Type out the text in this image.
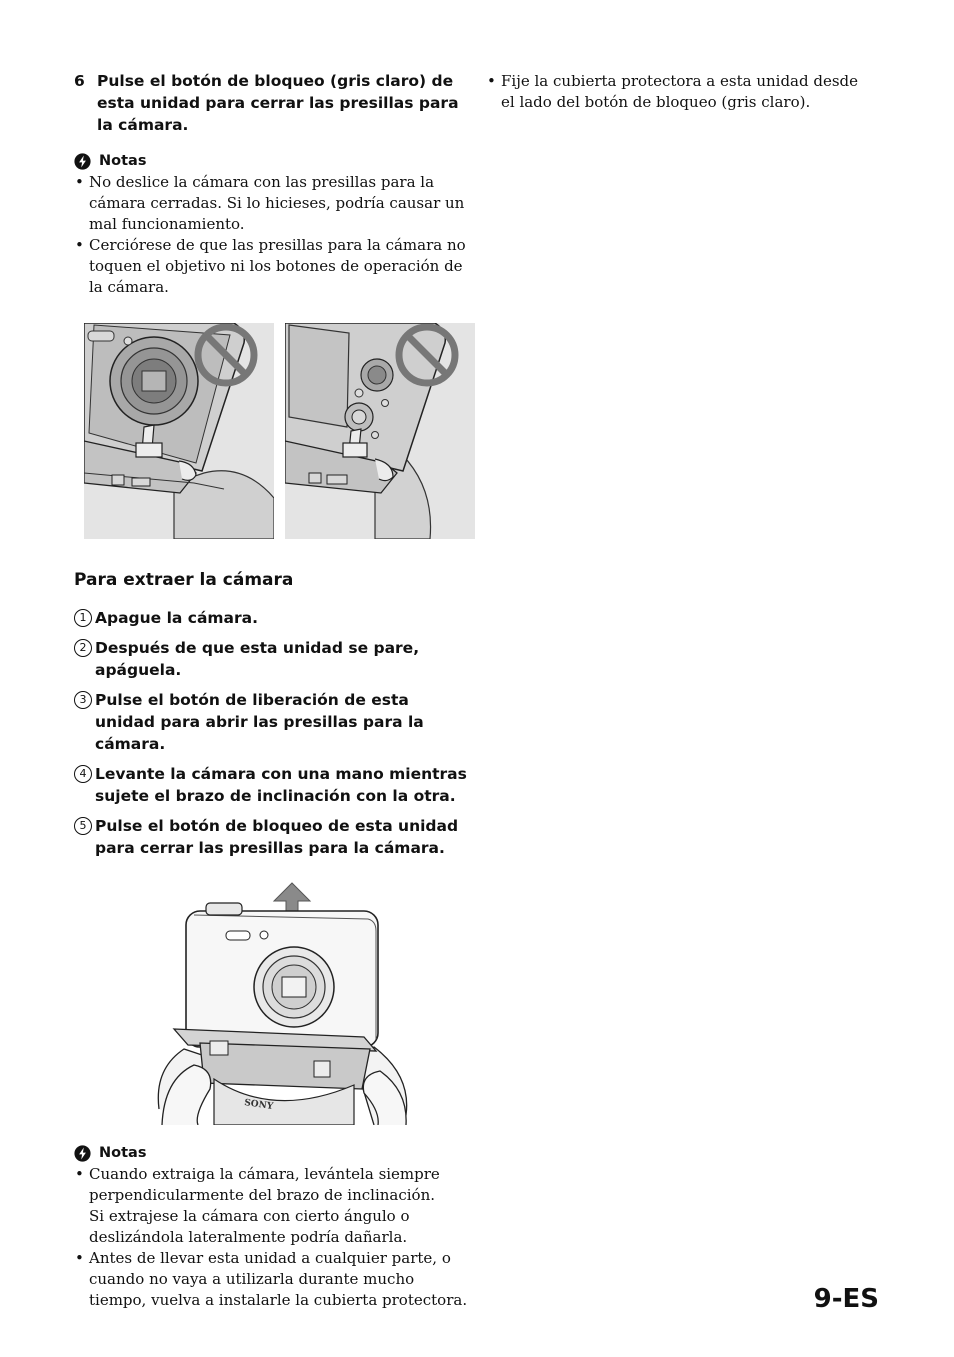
6 Pulse el botón de bloqueo (gris claro) de esta unidad para cerrar las presillas para la cámara.
Notas
• No deslice la cámara con las presillas para la cámara cerradas. Si lo hicieses, podría causar un mal funcionamiento.
• Cerciórese de que las presillas para la cámara no toquen el objetivo ni los botones de operación de la cámara.
Para extraer la cámara
1 Apague la cámara.
2 Después de que esta unidad se pare, apáguela.
3 Pulse el botón de liberación de esta unidad para abrir las presillas para la cámara.
4 Levante la cámara con una mano mientras sujete el brazo de inclinación con la otra.
5 Pulse el botón de bloqueo de esta unidad para cerrar las presillas para la cámara.
SONY
Notas
• Cuando extraiga la cámara, levántela siempre perpendicularmente del brazo de inclinación.
Si extrajese la cámara con cierto ángulo o deslizándola lateralmente podría dañarla.
• Antes de llevar esta unidad a cualquier parte, o cuando no vaya a utilizarla durante mucho tiempo, vuelva a instalarle la cubierta protectora.
• Fije la cubierta protectora a esta unidad desde el lado del botón de bloqueo (gris claro).
9-ES
